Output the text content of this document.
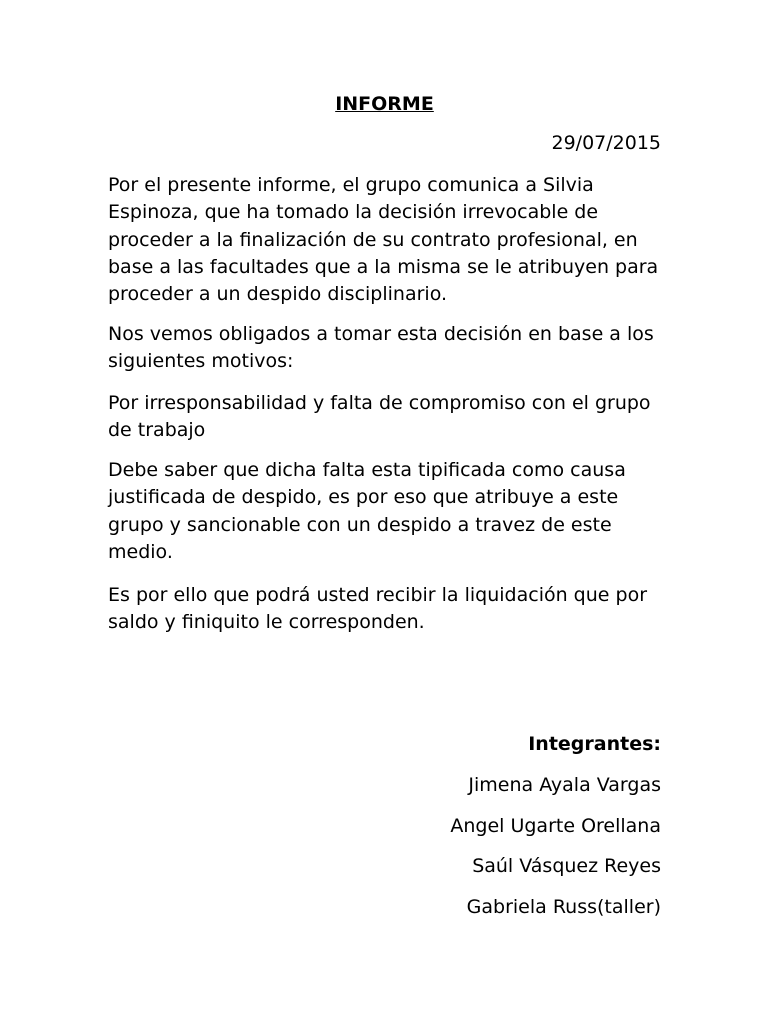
INFORME

29/07/2015

Por el presente informe, el grupo comunica a Silvia Espinoza, que ha tomado la decisión irrevocable de proceder a la finalización de su contrato profesional, en base a las facultades que a la misma se le atribuyen para proceder a un despido disciplinario.

Nos vemos obligados a tomar esta decisión en base a los siguientes motivos:

Por irresponsabilidad y falta de compromiso con el grupo de trabajo

Debe saber que dicha falta esta tipificada como causa justificada de despido, es por eso que atribuye a este grupo y sancionable con un despido a travez de este medio.

Es por ello que podrá usted recibir la liquidación que por saldo y finiquito le corresponden.

Integrantes:

Jimena Ayala Vargas

Angel Ugarte Orellana

Saúl Vásquez Reyes

Gabriela Russ(taller)
